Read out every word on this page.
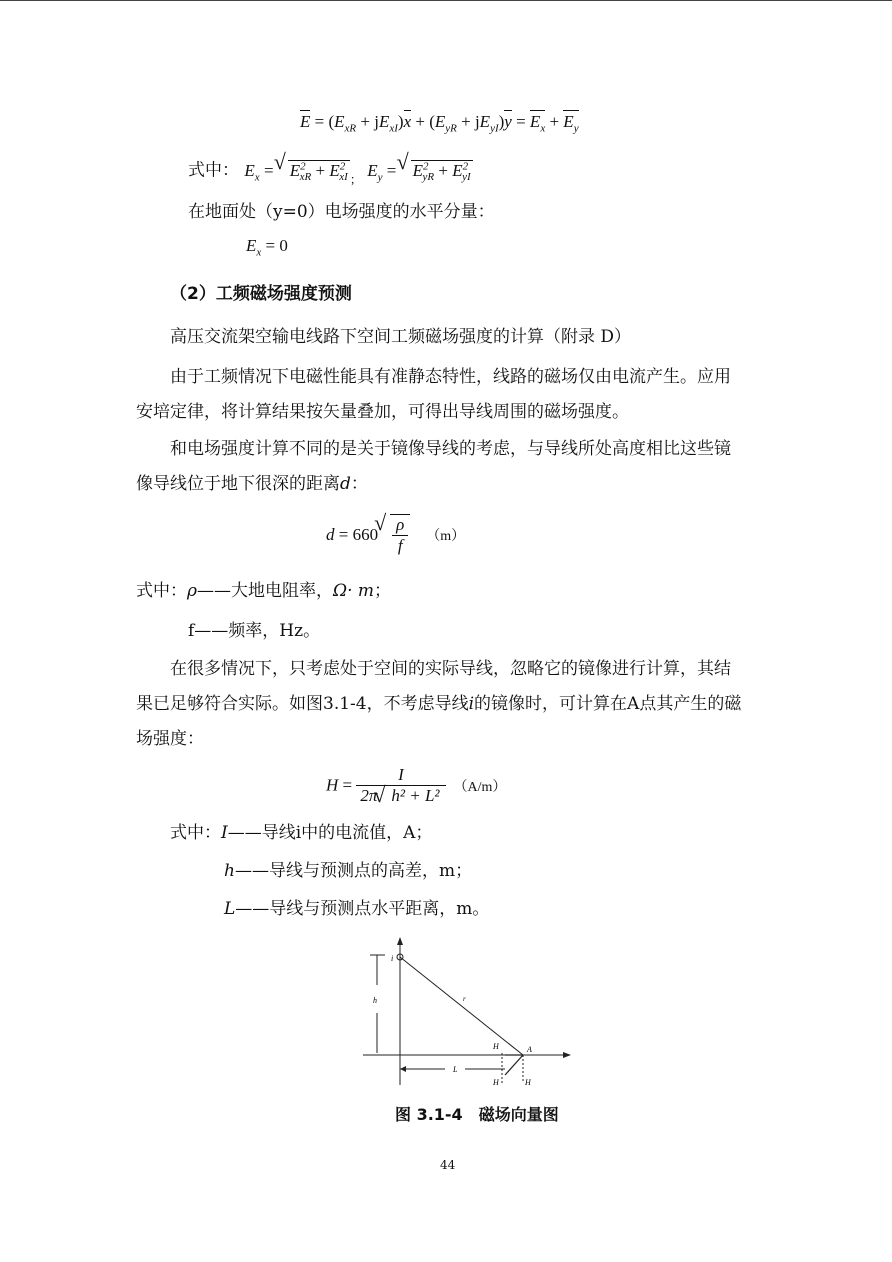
$E = (E_{xR} + jE_{xI})x + (E_{yR} + jE_{yI})y = E_x + E_y$
式中： $E_x$ = √ $E^2_{xR} + E^2_{xI}$ $_;$ $E_y$ = √ $E^2_{yR} + E^2_{yI}$
在地面处（y=0）电场强度的水平分量：
$E_x = 0$
（2）工频磁场强度预测
高压交流架空输电线路下空间工频磁场强度的计算（附录 D）
由于工频情况下电磁性能具有准静态特性，线路的磁场仅由电流产生。应用
安培定律，将计算结果按矢量叠加，可得出导线周围的磁场强度。
和电场强度计算不同的是关于镜像导线的考虑，与导线所处高度相比这些镜
像导线位于地下很深的距离d：
d = 660 √ $\frac{\rho}{f} (m)$
式中：ρ——大地电阻率，Ω· m；
f——频率，Hz。
在很多情况下，只考虑处于空间的实际导线，忽略它的镜像进行计算，其结
果已足够符合实际。如图3.1-4，不考虑导线i的镜像时，可计算在A点其产生的磁
场强度：
$H = \frac{I}{\text{2π √ h² + L²}} (A/m)$
式中：I——导线i中的电流值，A；
h——导线与预测点的高差，m；
L——导线与预测点水平距离，m。
i
r
h
L
A
H
H	H
图 3.1-4　磁场向量图
44
